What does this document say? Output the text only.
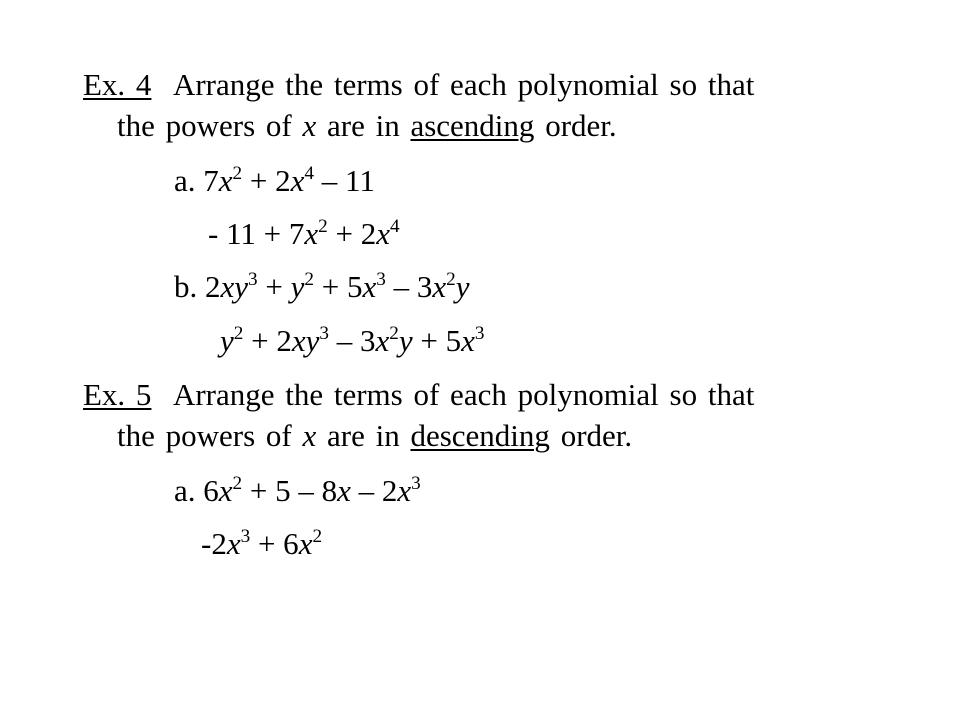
Ex. 4 Arrange the terms of each polynomial so that
the powers of x are in ascending order.
a. $7x^2 + 2x^4 - 11$
- $11 + 7x^2 + 2x^4$
b. $2xy^3 + y^2 + 5x^3 - 3x^2y$
$y^2 + 2xy^3 - 3x^2y + 5x^3$
Ex. 5 Arrange the terms of each polynomial so that
the powers of x are in descending order.
a. $6x^2 + 5 - 8x - 2x^3$
$-2x^3 + 6x^2$
